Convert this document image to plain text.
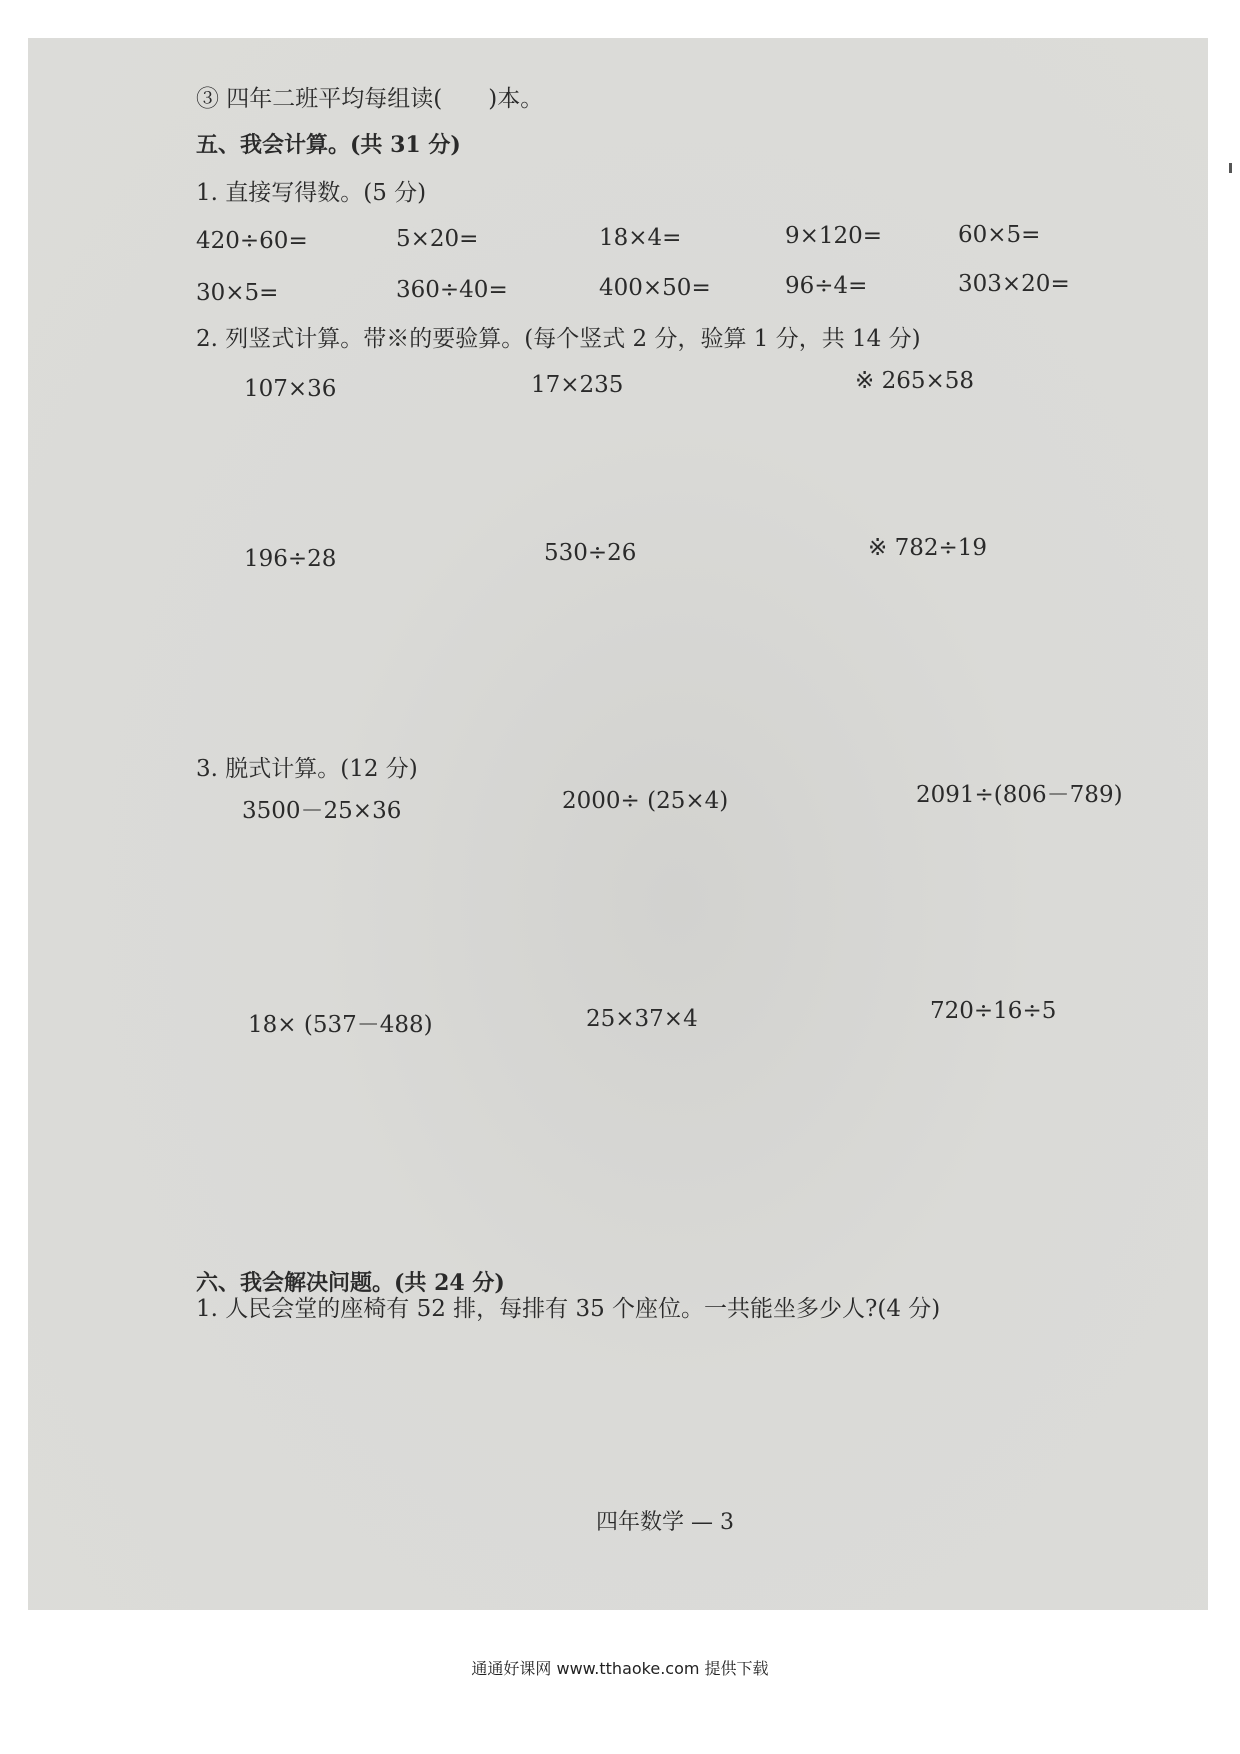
③ 四年二班平均每组读(　　)本。
五、我会计算。(共 31 分)
1. 直接写得数。(5 分)
420÷60=	5×20=	18×4=	9×120=	60×5=
30×5=	360÷40=	400×50=	96÷4=	303×20=
2. 列竖式计算。带※的要验算。(每个竖式 2 分，验算 1 分，共 14 分)
107×36	17×235	※ 265×58
196÷28	530÷26	※ 782÷19
3. 脱式计算。(12 分)
3500－25×36	2000÷ (25×4)	2091÷(806－789)
18× (537－488)	25×37×4	720÷16÷5
六、我会解决问题。(共 24 分)
1. 人民会堂的座椅有 52 排，每排有 35 个座位。一共能坐多少人?(4 分)
四年数学 — 3
通通好课网 www.tthaoke.com 提供下载
